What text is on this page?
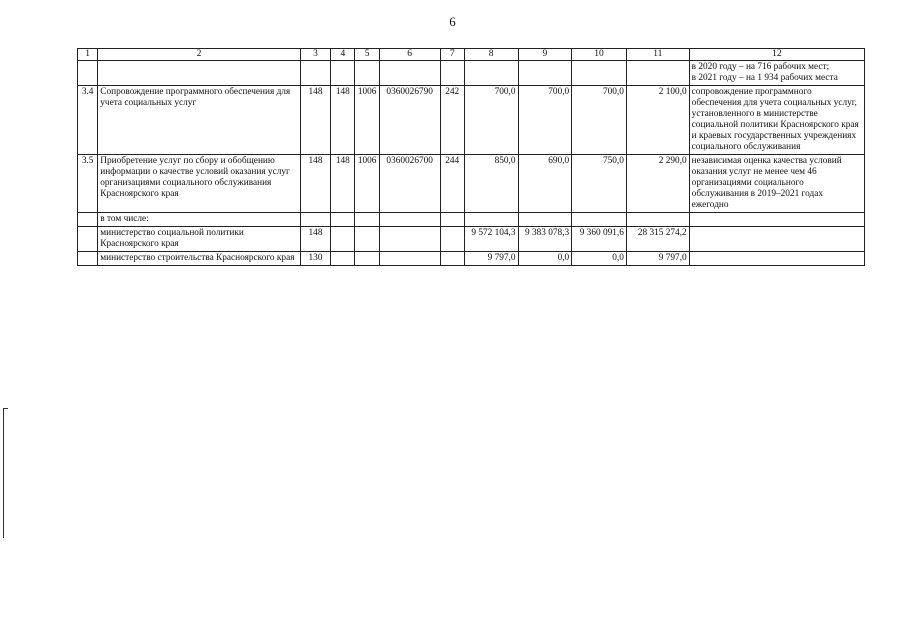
6
1	2	3	4	5	6	7	8	9	10	11	12
											в 2020 году – на 716 рабочих мест;
в 2021 году – на 1 934 рабочих места
3.4	Сопровождение программного обеспечения для учета социальных услуг	148	148	1006	0360026790	242	700,0	700,0	700,0	2 100,0	сопровождение программного обеспечения для учета социальных услуг, установленного в министерстве социальной политики Красноярского края и краевых государственных учреждениях социального обслуживания
3.5	Приобретение услуг по сбору и обобщению информации о качестве условий оказания услуг организациями социального обслуживания Красноярского края	148	148	1006	0360026700	244	850,0	690,0	750,0	2 290,0	независимая оценка качества условий оказания услуг не менее чем 46 организациями социального обслуживания в 2019–2021 годах ежегодно
	в том числе:										
	министерство социальной политики Красноярского края	148					9 572 104,3	9 383 078,3	9 360 091,6	28 315 274,2	
	министерство строительства Красноярского края	130					9 797,0	0,0	0,0	9 797,0	
